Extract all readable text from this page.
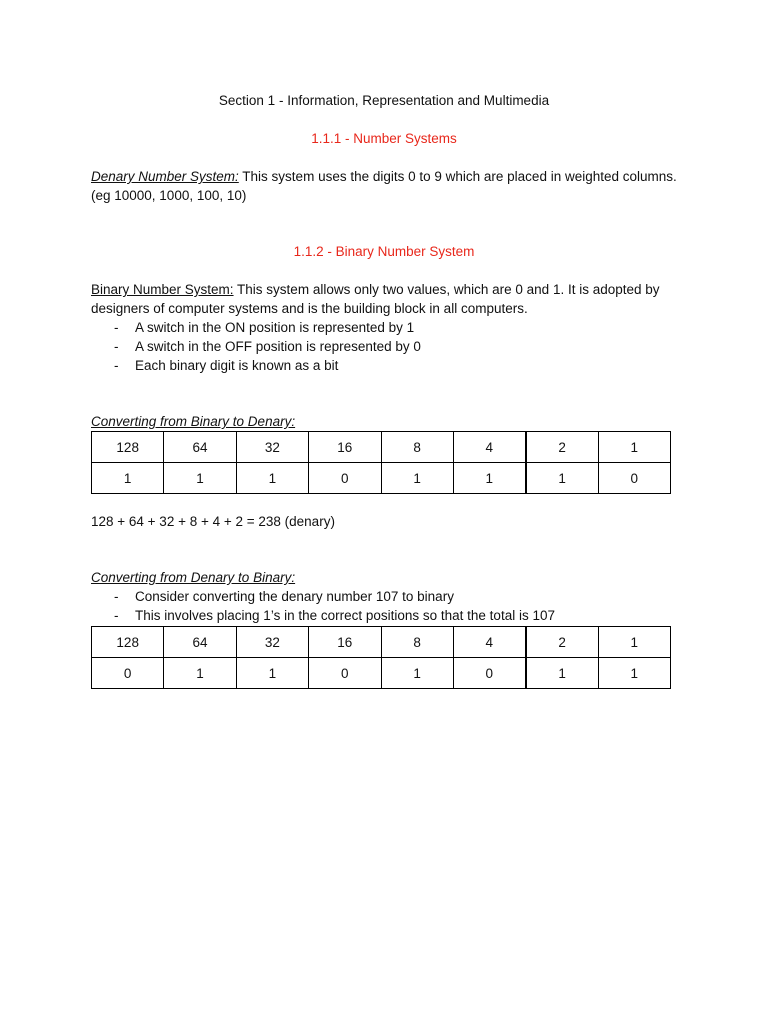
Section 1 - Information, Representation and Multimedia
1.1.1 - Number Systems
Denary Number System: This system uses the digits 0 to 9 which are placed in weighted columns. (eg 10000, 1000, 100, 10)
1.1.2 - Binary Number System
Binary Number System: This system allows only two values, which are 0 and 1. It is adopted by designers of computer systems and is the building block in all computers.
- A switch in the ON position is represented by 1
- A switch in the OFF position is represented by 0
- Each binary digit is known as a bit
Converting from Binary to Denary:
128	64	32	16	8	4	2	1
1	1	1	0	1	1	1	0
128 + 64 + 32 + 8 + 4 + 2 = 238 (denary)
Converting from Denary to Binary:
- Consider converting the denary number 107 to binary
- This involves placing 1’s in the correct positions so that the total is 107
128	64	32	16	8	4	2	1
0	1	1	0	1	0	1	1
